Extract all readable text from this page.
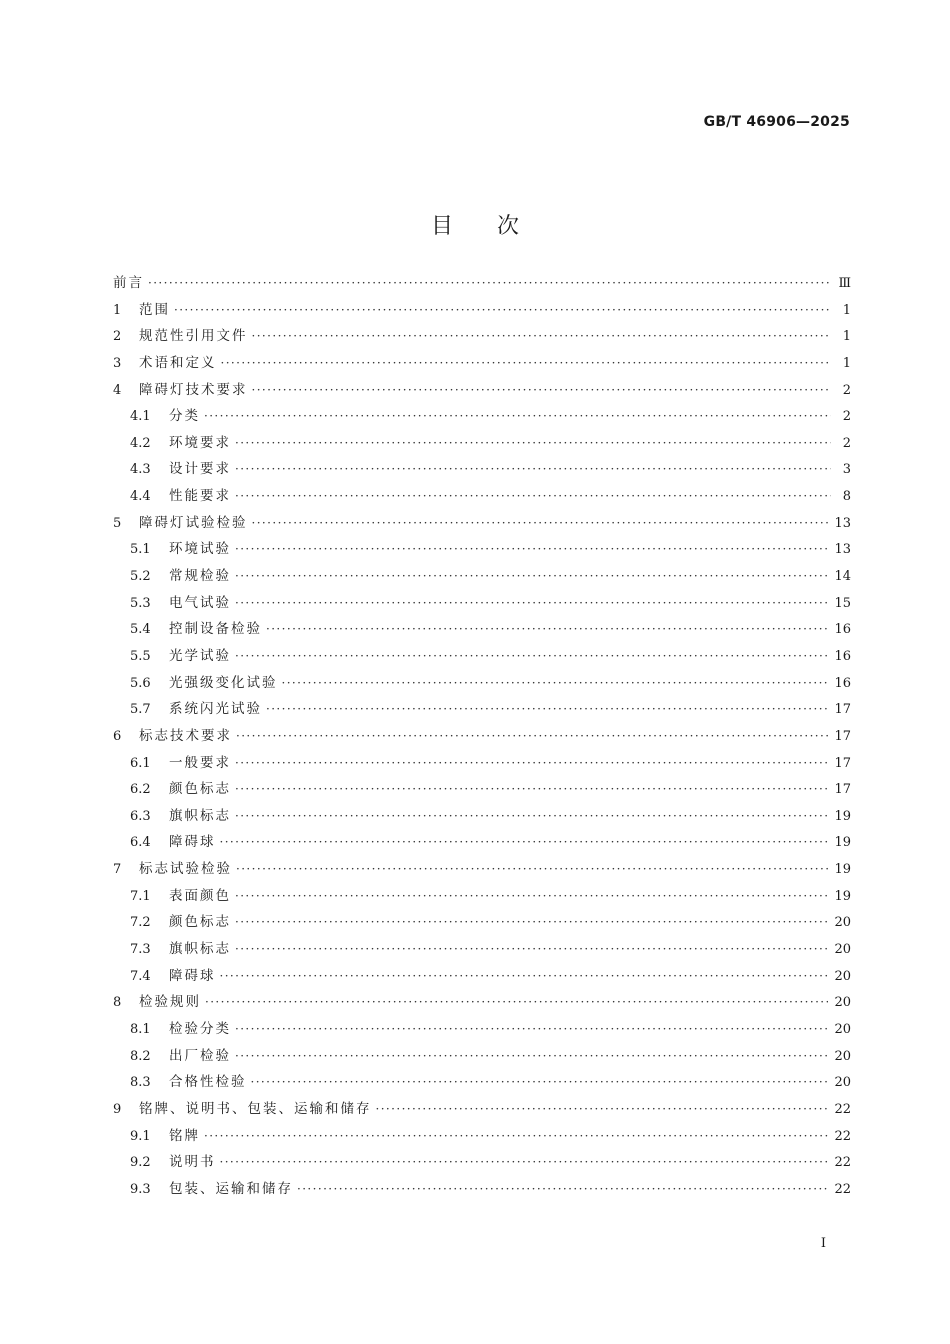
GB/T 46906—2025
目次
前言 ·····	Ⅲ
1	范围 ·····	1
2	规范性引用文件 ·····	1
3	术语和定义 ·····	1
4	障碍灯技术要求 ·····	2
4.1	分类 ·····	2
4.2	环境要求 ·····	2
4.3	设计要求 ·····	3
4.4	性能要求 ·····	8
5	障碍灯试验检验 ·····	13
5.1	环境试验 ·····	13
5.2	常规检验 ·····	14
5.3	电气试验 ·····	15
5.4	控制设备检验 ·····	16
5.5	光学试验 ·····	16
5.6	光强级变化试验 ·····	16
5.7	系统闪光试验 ·····	17
6	标志技术要求 ·····	17
6.1	一般要求 ·····	17
6.2	颜色标志 ·····	17
6.3	旗帜标志 ·····	19
6.4	障碍球 ·····	19
7	标志试验检验 ·····	19
7.1	表面颜色 ·····	19
7.2	颜色标志 ·····	20
7.3	旗帜标志 ·····	20
7.4	障碍球 ·····	20
8	检验规则 ·····	20
8.1	检验分类 ·····	20
8.2	出厂检验 ·····	20
8.3	合格性检验 ·····	20
9	铭牌、说明书、包装、运输和储存 ·····	22
9.1	铭牌 ·····	22
9.2	说明书 ·····	22
9.3	包装、运输和储存 ·····	22
Ⅰ
